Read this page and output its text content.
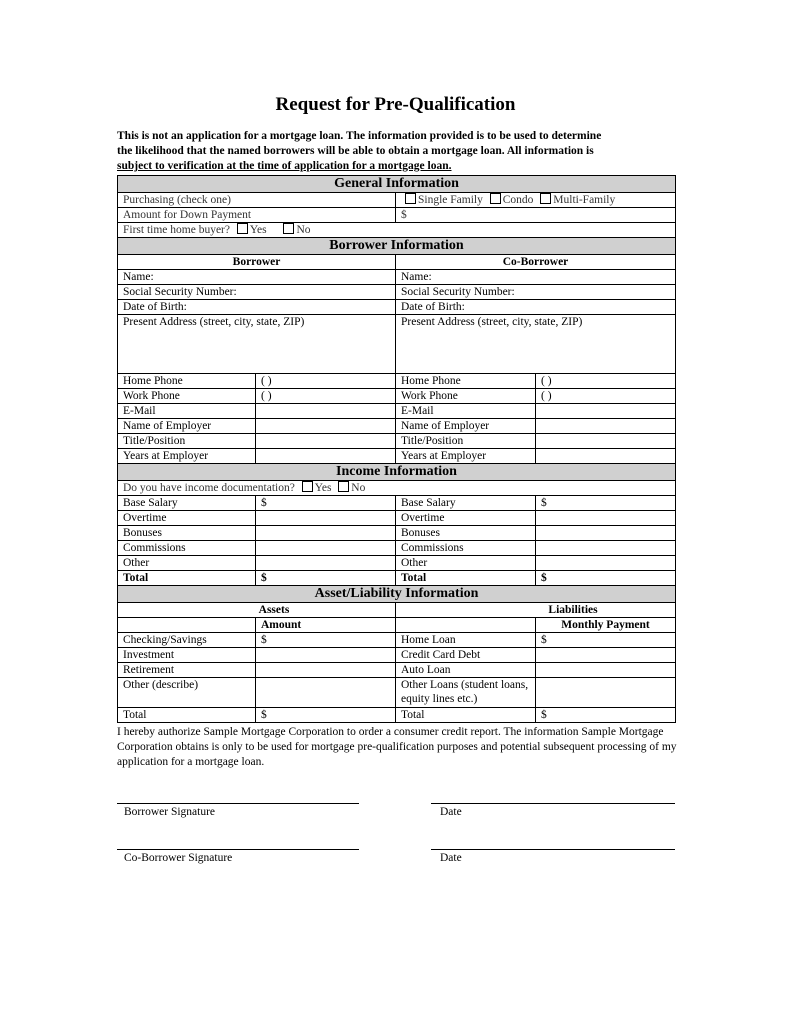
Request for Pre-Qualification
This is not an application for a mortgage loan. The information provided is to be used to determine
the likelihood that the named borrowers will be able to obtain a mortgage loan. All information is
subject to verification at the time of application for a mortgage loan.
General Information			
Purchasing (check one)		Single Family Condo Multi-Family	
Amount for Down Payment		$	
First time home buyer? Yes No			
Borrower Information			
Borrower		Co-Borrower	
Name:		Name:	
Social Security Number:		Social Security Number:	
Date of Birth:		Date of Birth:	
Present Address (street, city, state, ZIP)		Present Address (street, city, state, ZIP)	
Home Phone	( )	Home Phone	( )
Work Phone	( )	Work Phone	( )
E-Mail		E-Mail	
Name of Employer		Name of Employer	
Title/Position		Title/Position	
Years at Employer		Years at Employer	
Income Information			
Do you have income documentation? Yes No			
Base Salary	$	Base Salary	$
Overtime		Overtime	
Bonuses		Bonuses	
Commissions		Commissions	
Other		Other	
Total	$	Total	$
Asset/Liability Information			
Assets		Liabilities	
	Amount		Monthly Payment
Checking/Savings	$	Home Loan	$
Investment		Credit Card Debt	
Retirement		Auto Loan	
Other (describe)		Other Loans (student loans, equity lines etc.)	
Total	$	Total	$
I hereby authorize Sample Mortgage Corporation to order a consumer credit report. The information Sample Mortgage Corporation obtains is only to be used for mortgage pre-qualification purposes and potential subsequent processing of my application for a mortgage loan.
Borrower Signature	Date
Co-Borrower Signature	Date
